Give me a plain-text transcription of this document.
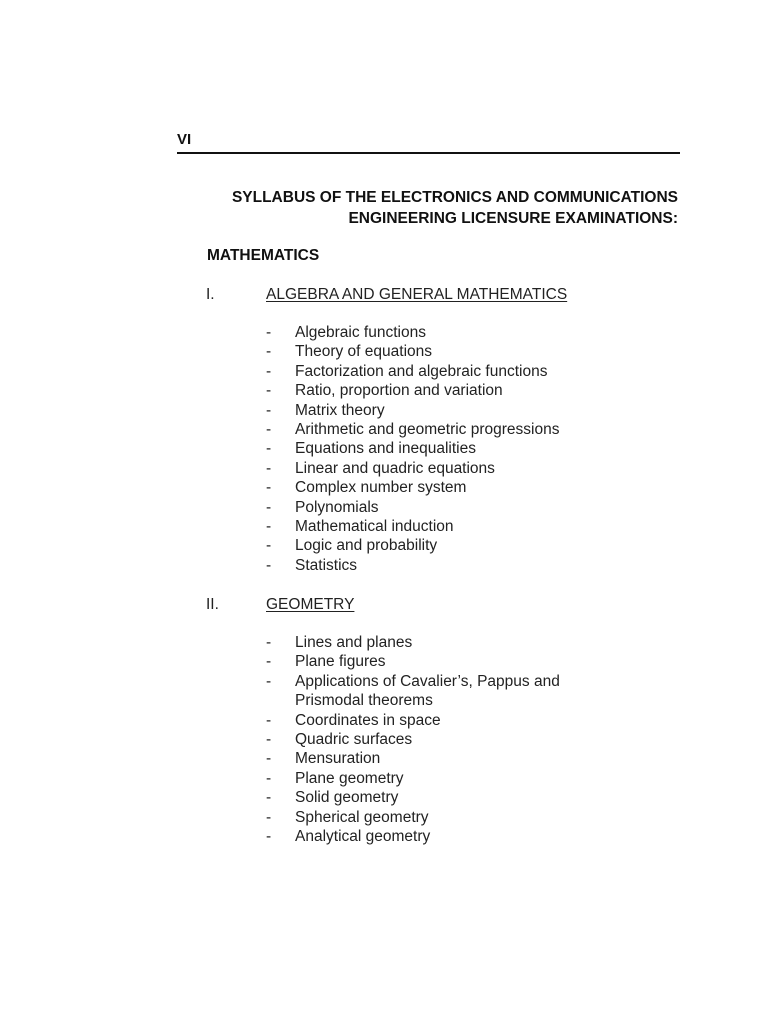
VI
SYLLABUS OF THE ELECTRONICS AND COMMUNICATIONS
ENGINEERING LICENSURE EXAMINATIONS:
MATHEMATICS
I.	ALGEBRA AND GENERAL MATHEMATICS
- Algebraic functions
- Theory of equations
- Factorization and algebraic functions
- Ratio, proportion and variation
- Matrix theory
- Arithmetic and geometric progressions
- Equations and inequalities
- Linear and quadric equations
- Complex number system
- Polynomials
- Mathematical induction
- Logic and probability
- Statistics
II.	GEOMETRY
- Lines and planes
- Plane figures
- Applications of Cavalier’s, Pappus and
Prismodal theorems
- Coordinates in space
- Quadric surfaces
- Mensuration
- Plane geometry
- Solid geometry
- Spherical geometry
- Analytical geometry
